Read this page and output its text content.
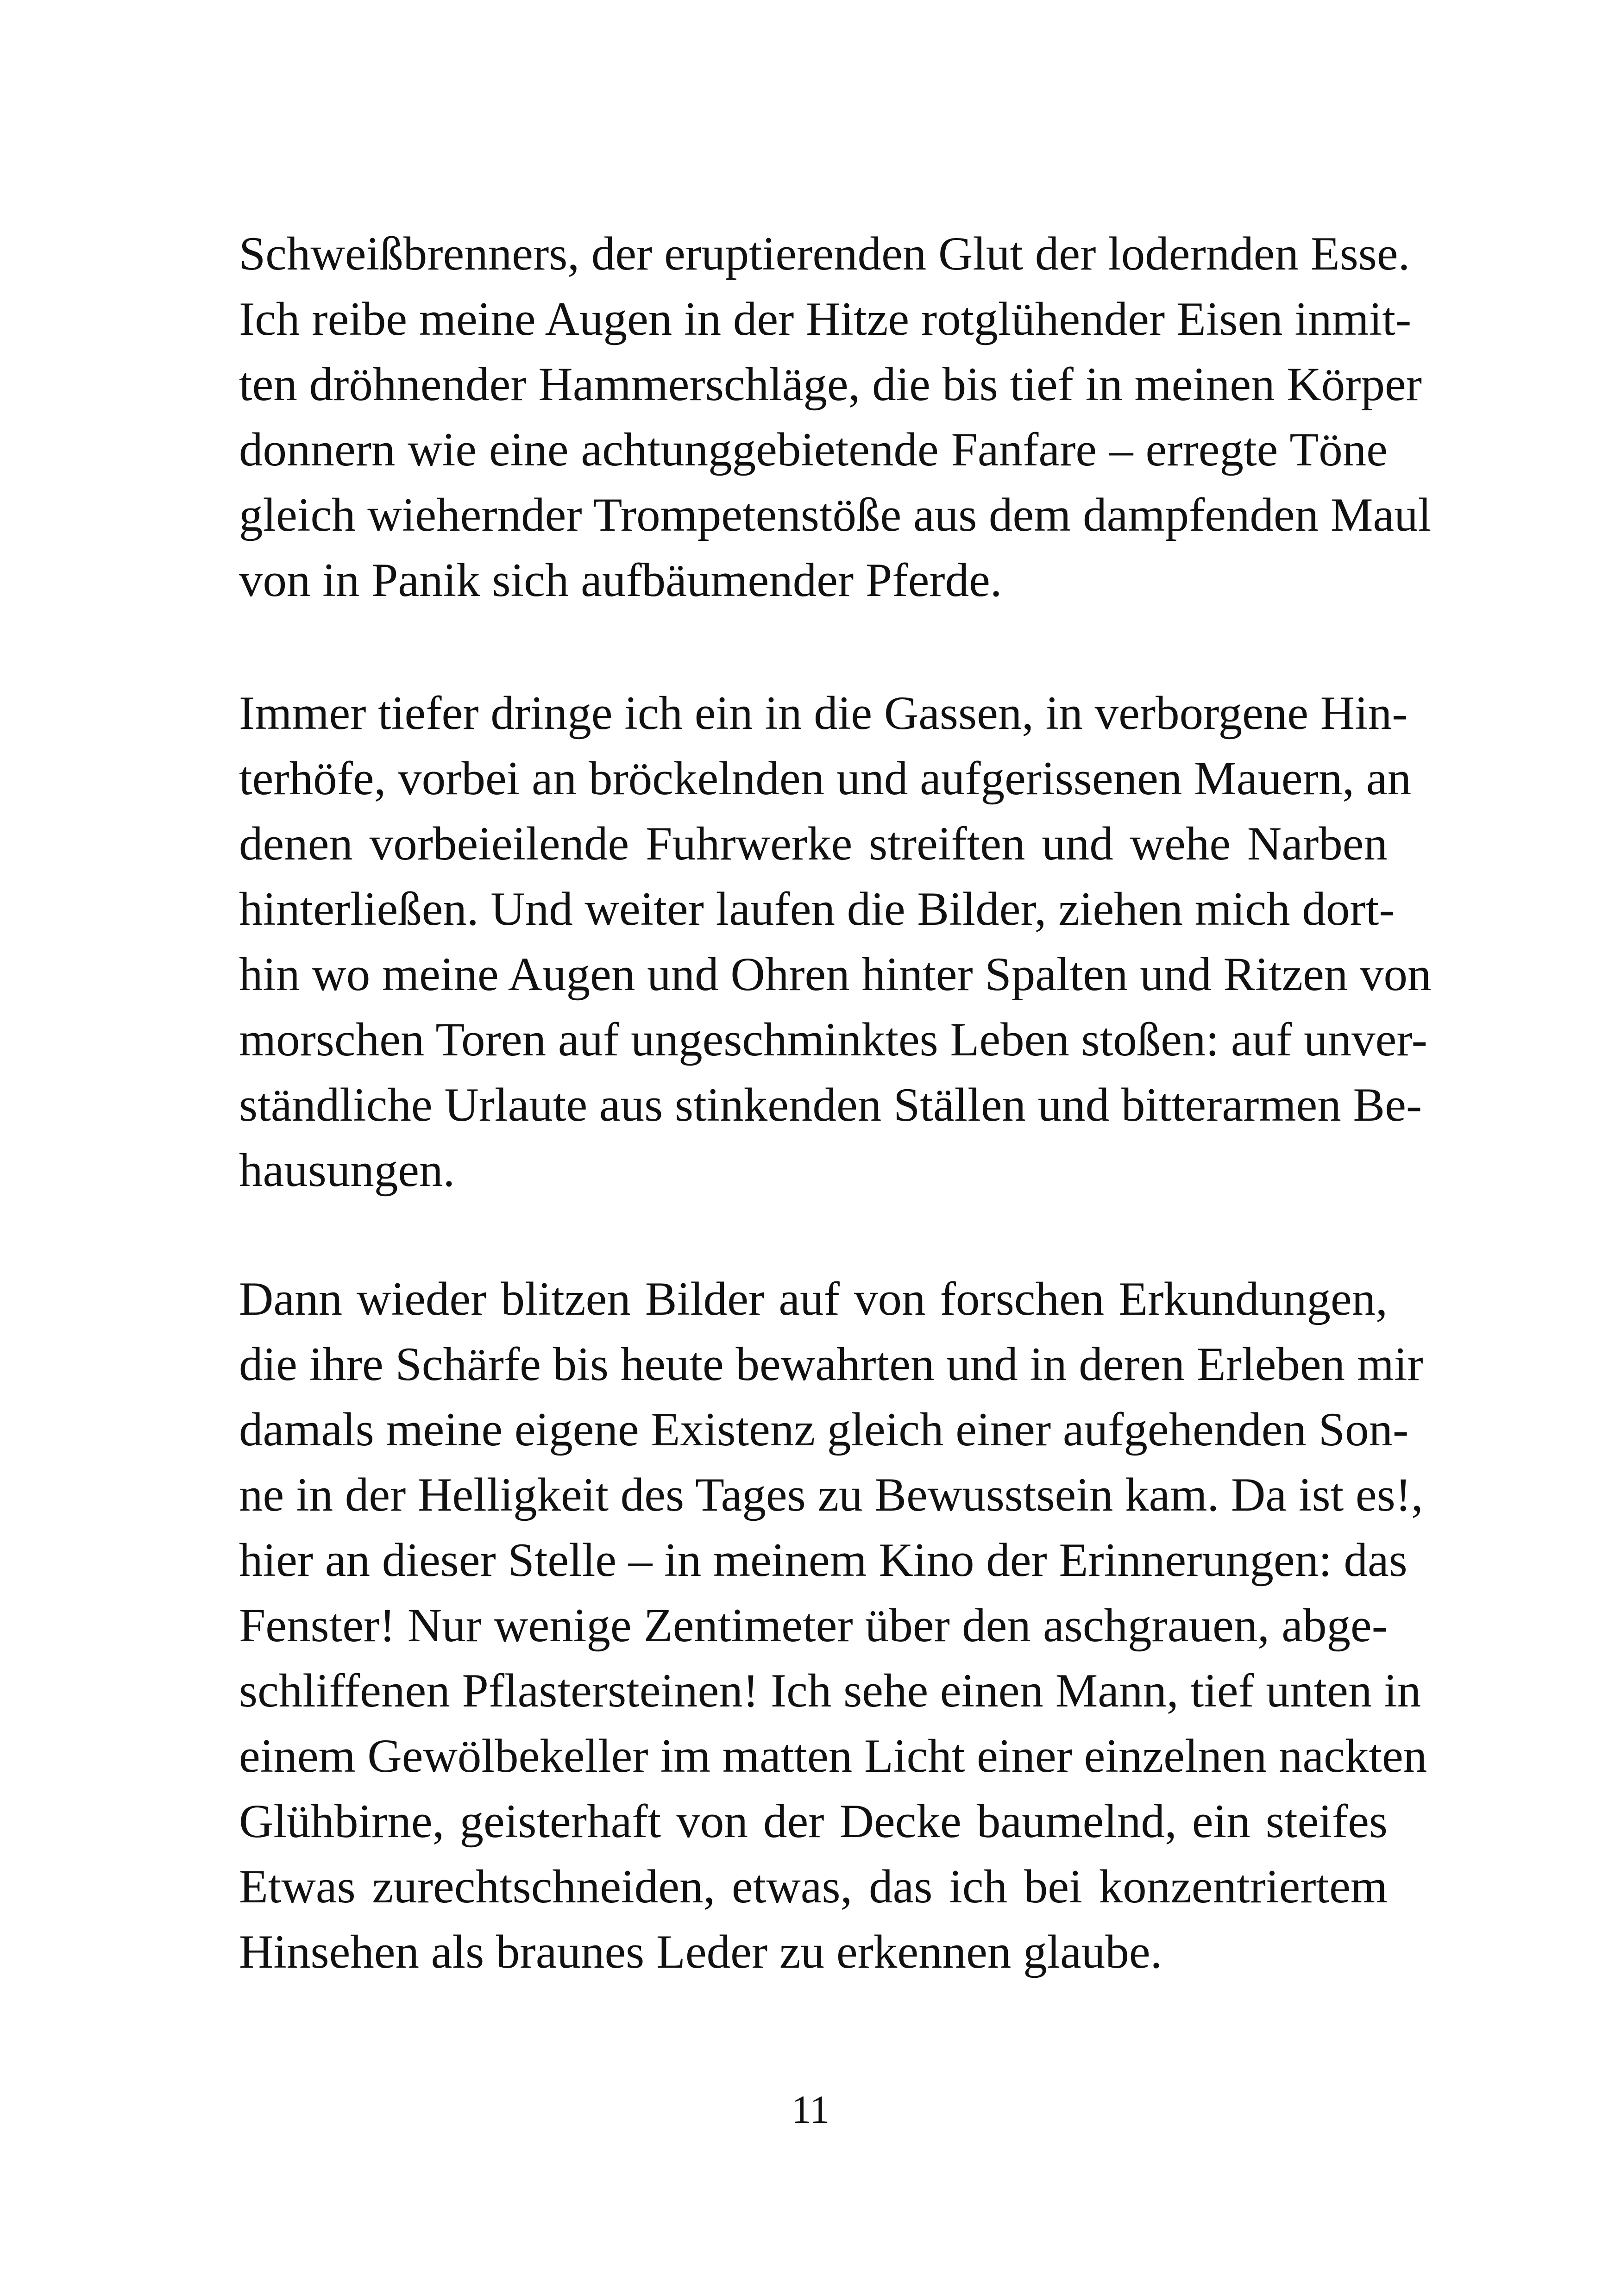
Schweißbrenners, der eruptierenden Glut der lodernden Esse.
Ich reibe meine Augen in der Hitze rotglühender Eisen inmit-
ten dröhnender Hammerschläge, die bis tief in meinen Körper
donnern wie eine achtunggebietende Fanfare – erregte Töne
gleich wiehernder Trompetenstöße aus dem dampfenden Maul
von in Panik sich aufbäumender Pferde.

Immer tiefer dringe ich ein in die Gassen, in verborgene Hin-
terhöfe, vorbei an bröckelnden und aufgerissenen Mauern, an
denen vorbeieilende Fuhrwerke streiften und wehe Narben
hinterließen. Und weiter laufen die Bilder, ziehen mich dort-
hin wo meine Augen und Ohren hinter Spalten und Ritzen von
morschen Toren auf ungeschminktes Leben stoßen: auf unver-
ständliche Urlaute aus stinkenden Ställen und bitterarmen Be-
hausungen.

Dann wieder blitzen Bilder auf von forschen Erkundungen,
die ihre Schärfe bis heute bewahrten und in deren Erleben mir
damals meine eigene Existenz gleich einer aufgehenden Son-
ne in der Helligkeit des Tages zu Bewusstsein kam. Da ist es!,
hier an dieser Stelle – in meinem Kino der Erinnerungen: das
Fenster! Nur wenige Zentimeter über den aschgrauen, abge-
schliffenen Pflastersteinen! Ich sehe einen Mann, tief unten in
einem Gewölbekeller im matten Licht einer einzelnen nackten
Glühbirne, geisterhaft von der Decke baumelnd, ein steifes
Etwas zurechtschneiden, etwas, das ich bei konzentriertem
Hinsehen als braunes Leder zu erkennen glaube.

11
